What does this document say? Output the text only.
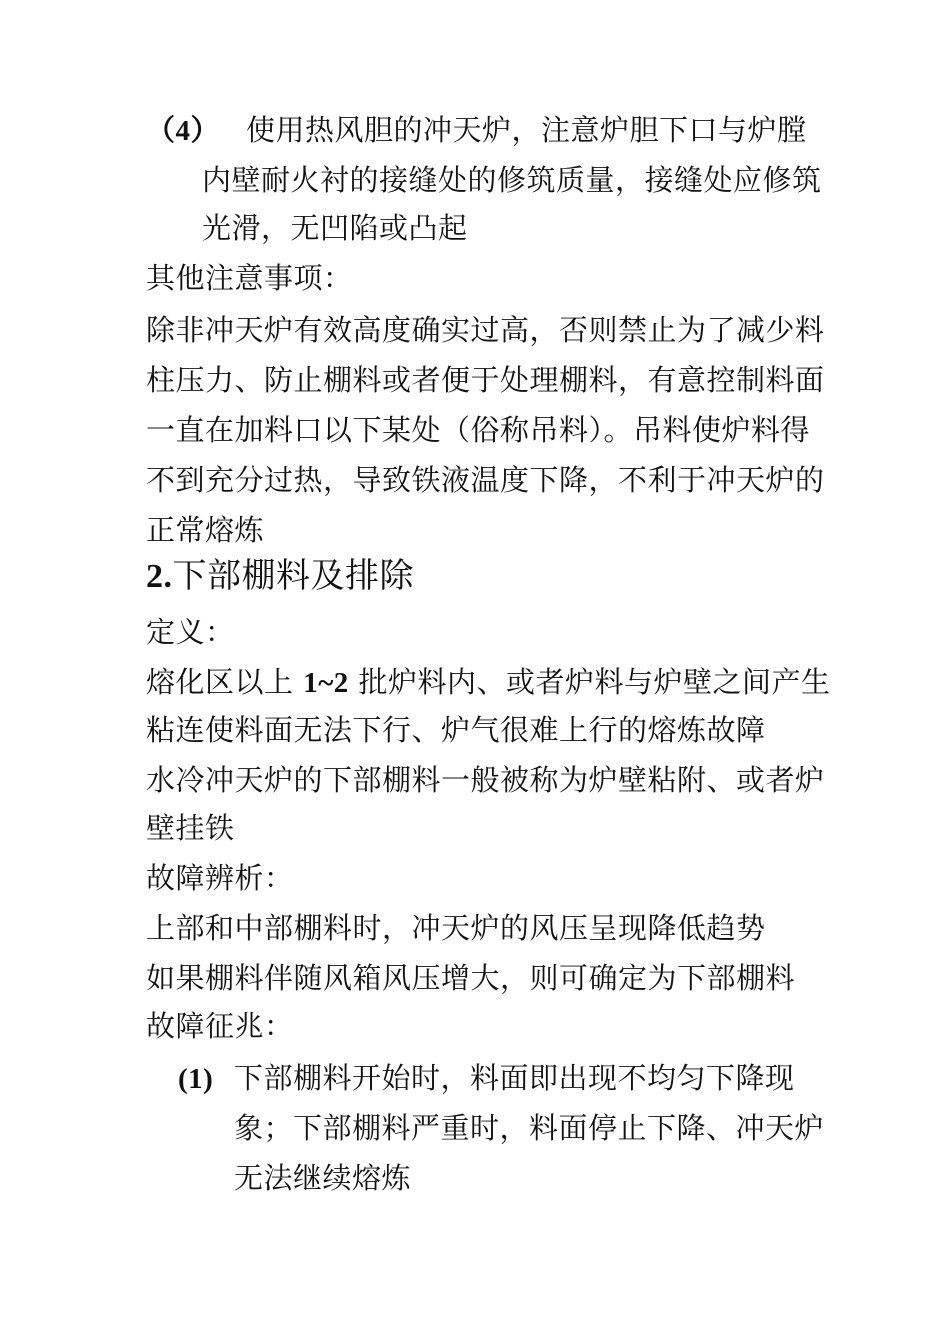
（4） 使用热风胆的冲天炉，注意炉胆下口与炉膛
内壁耐火衬的接缝处的修筑质量，接缝处应修筑
光滑，无凹陷或凸起
其他注意事项：
除非冲天炉有效高度确实过高，否则禁止为了减少料
柱压力、防止棚料或者便于处理棚料，有意控制料面
一直在加料口以下某处（俗称吊料）。吊料使炉料得
不到充分过热，导致铁液温度下降，不利于冲天炉的
正常熔炼
2.下部棚料及排除
定义：
熔化区以上 1~2 批炉料内、或者炉料与炉壁之间产生
粘连使料面无法下行、炉气很难上行的熔炼故障
水冷冲天炉的下部棚料一般被称为炉壁粘附、或者炉
壁挂铁
故障辨析：
上部和中部棚料时，冲天炉的风压呈现降低趋势
如果棚料伴随风箱风压增大，则可确定为下部棚料
故障征兆：
(1) 下部棚料开始时，料面即出现不均匀下降现
象；下部棚料严重时，料面停止下降、冲天炉
无法继续熔炼
